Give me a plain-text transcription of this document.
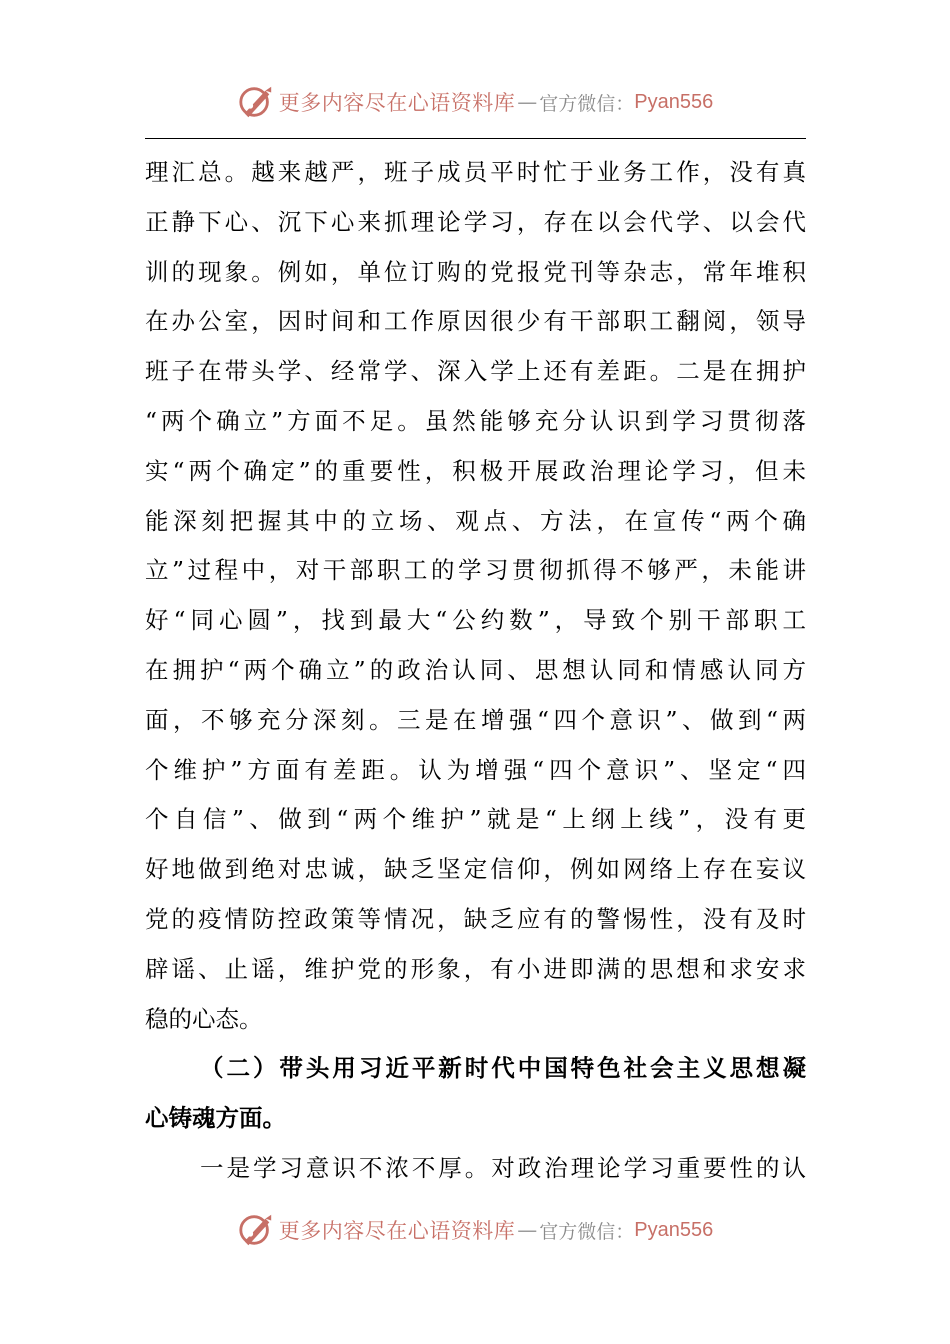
更多内容尽在心语资料库 — 官方微信： Pyan556
理汇总。越来越严，班子成员平时忙于业务工作，没有真
正静下心、沉下心来抓理论学习，存在以会代学、以会代
训的现象。例如，单位订购的党报党刊等杂志，常年堆积
在办公室，因时间和工作原因很少有干部职工翻阅，领导
班子在带头学、经常学、深入学上还有差距。二是在拥护
“两个确立”方面不足。虽然能够充分认识到学习贯彻落
实“两个确定”的重要性，积极开展政治理论学习，但未
能深刻把握其中的立场、观点、方法，在宣传“两个确
立”过程中，对干部职工的学习贯彻抓得不够严，未能讲
好“同心圆”，找到最大“公约数”，导致个别干部职工
在拥护“两个确立”的政治认同、思想认同和情感认同方
面，不够充分深刻。三是在增强“四个意识”、做到“两
个维护”方面有差距。认为增强“四个意识”、坚定“四
个自信”、做到“两个维护”就是“上纲上线”，没有更
好地做到绝对忠诚，缺乏坚定信仰，例如网络上存在妄议
党的疫情防控政策等情况，缺乏应有的警惕性，没有及时
辟谣、止谣，维护党的形象，有小进即满的思想和求安求
稳的心态。
（二）带头用习近平新时代中国特色社会主义思想凝
心铸魂方面。
一是学习意识不浓不厚。对政治理论学习重要性的认
更多内容尽在心语资料库 — 官方微信： Pyan556
